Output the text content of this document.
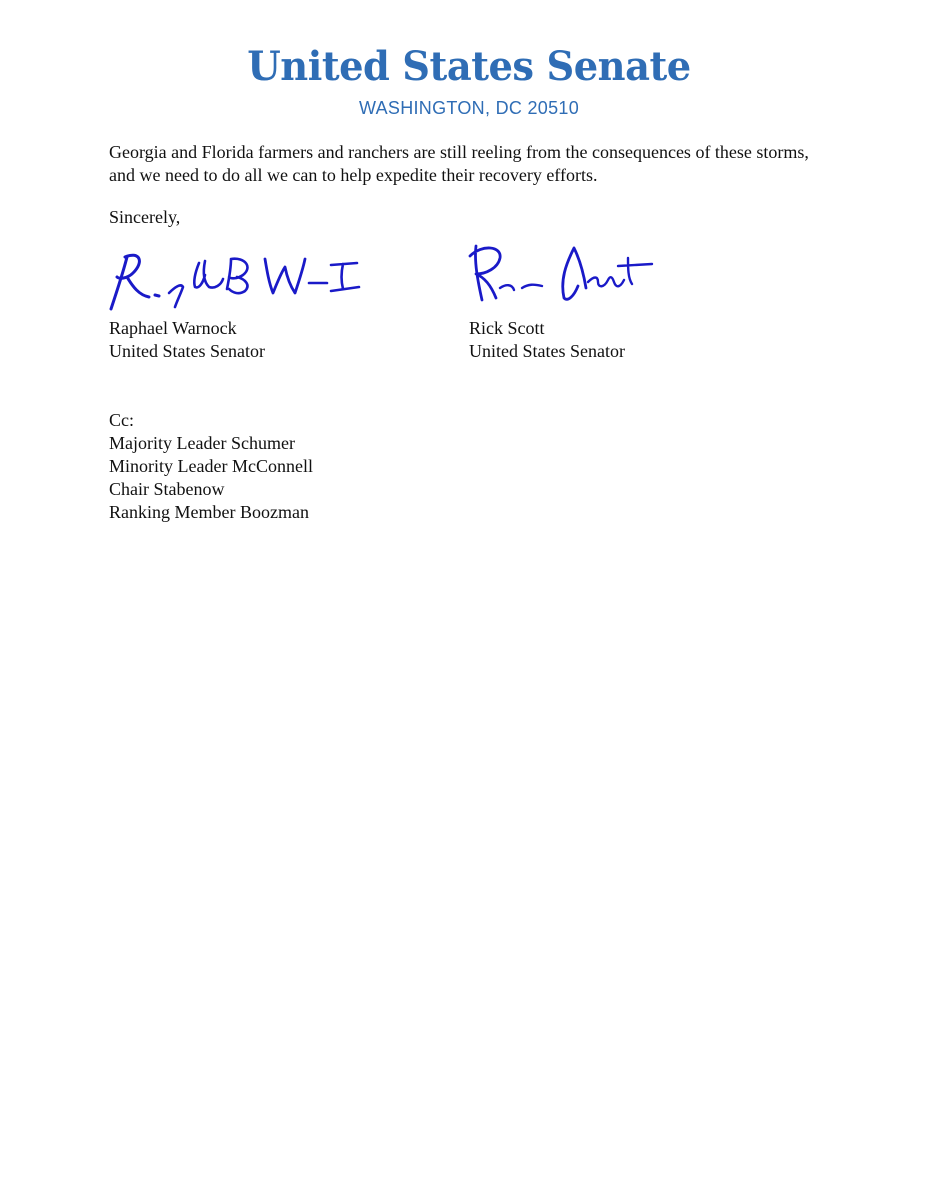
United States Senate
WASHINGTON, DC 20510
Georgia and Florida farmers and ranchers are still reeling from the consequences of these storms,
and we need to do all we can to help expedite their recovery efforts.
Sincerely,
Raphael Warnock
United States Senator
Rick Scott
United States Senator
Cc:
Majority Leader Schumer
Minority Leader McConnell
Chair Stabenow
Ranking Member Boozman
